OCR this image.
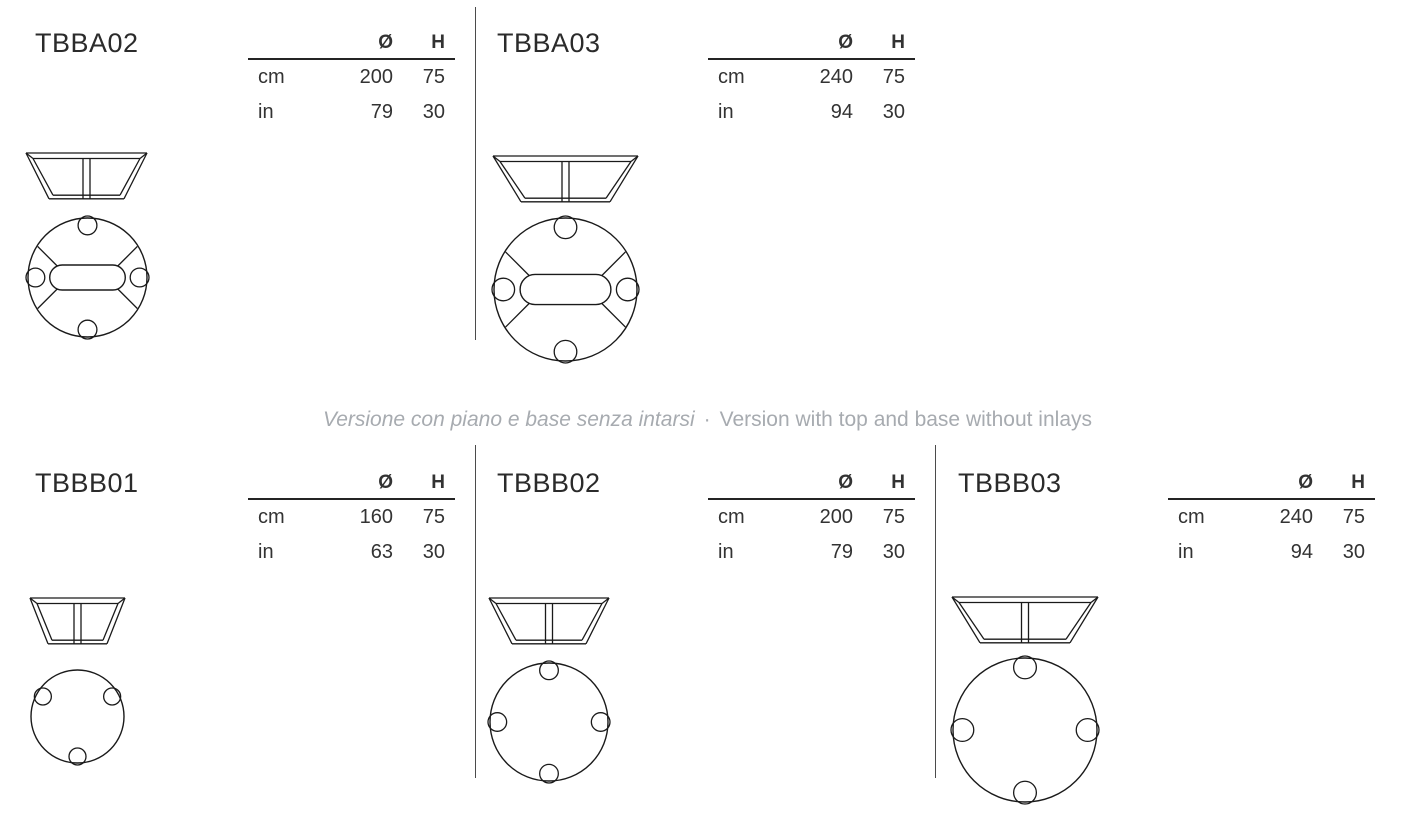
TBBA02	Ø	H
cm	200	75
in	79	30
TBBA03	Ø	H
cm	240	75
in	94	30
Versione con piano e base senza intarsi · Version with top and base without inlays
TBBB01	Ø	H
cm	160	75
in	63	30
TBBB02	Ø	H
cm	200	75
in	79	30
TBBB03	Ø	H
cm	240	75
in	94	30
